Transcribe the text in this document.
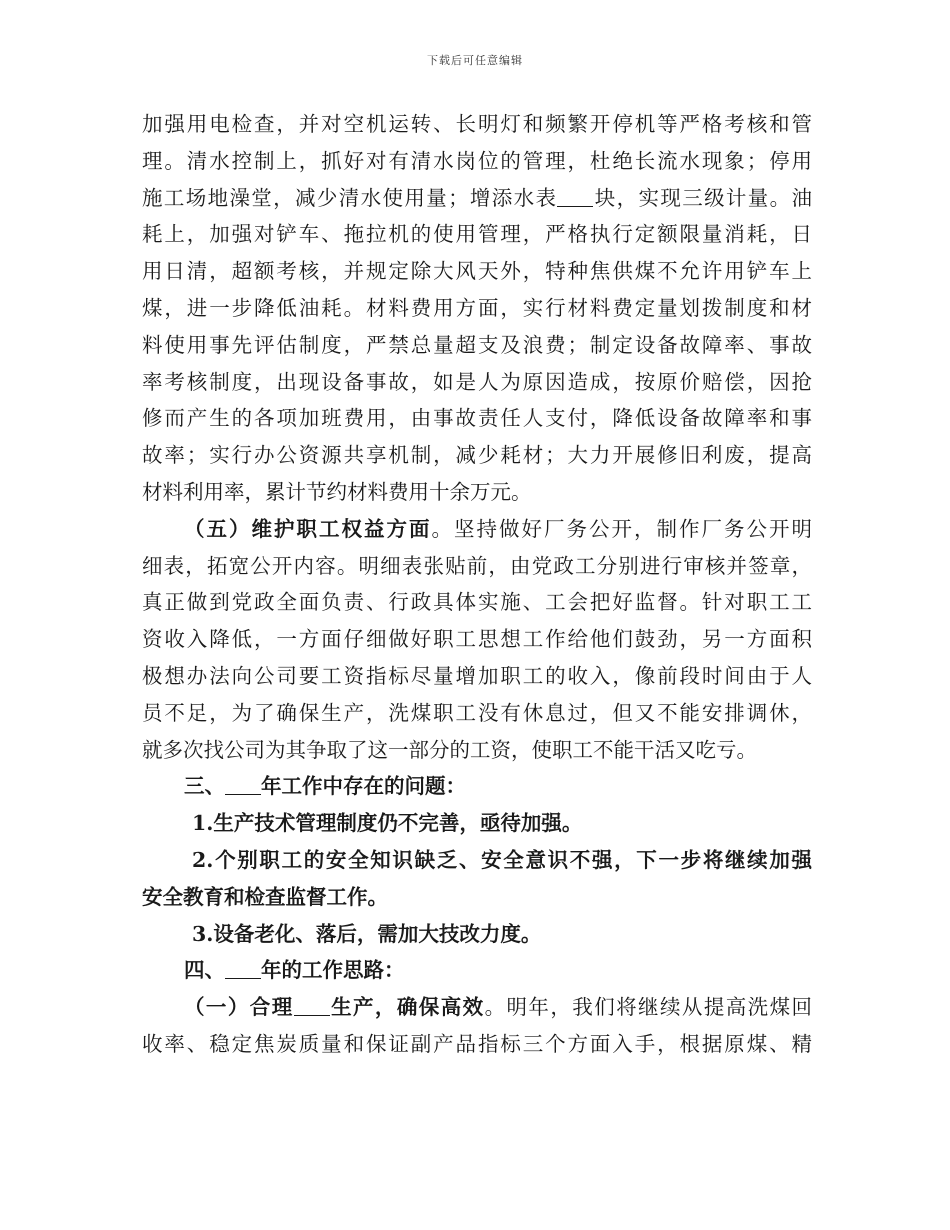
下载后可任意编辑
加强用电检查，并对空机运转、长明灯和频繁开停机等严格考核和管
理。清水控制上，抓好对有清水岗位的管理，杜绝长流水现象；停用
施工场地澡堂，减少清水使用量；增添水表 块，实现三级计量。油
耗上，加强对铲车、拖拉机的使用管理，严格执行定额限量消耗，日
用日清，超额考核，并规定除大风天外，特种焦供煤不允许用铲车上
煤，进一步降低油耗。材料费用方面，实行材料费定量划拨制度和材
料使用事先评估制度，严禁总量超支及浪费；制定设备故障率、事故
率考核制度，出现设备事故，如是人为原因造成，按原价赔偿，因抢
修而产生的各项加班费用，由事故责任人支付，降低设备故障率和事
故率；实行办公资源共享机制，减少耗材；大力开展修旧利废，提高
材料利用率，累计节约材料费用十余万元。
（五）维护职工权益方面。坚持做好厂务公开，制作厂务公开明
细表，拓宽公开内容。明细表张贴前，由党政工分别进行审核并签章，
真正做到党政全面负责、行政具体实施、工会把好监督。针对职工工
资收入降低，一方面仔细做好职工思想工作给他们鼓劲，另一方面积
极想办法向公司要工资指标尽量增加职工的收入，像前段时间由于人
员不足，为了确保生产，洗煤职工没有休息过，但又不能安排调休，
就多次找公司为其争取了这一部分的工资，使职工不能干活又吃亏。
三、 年工作中存在的问题：
1.生产技术管理制度仍不完善，亟待加强。
2.个别职工的安全知识缺乏、安全意识不强，下一步将继续加强
安全教育和检查监督工作。
3.设备老化、落后，需加大技改力度。
四、 年的工作思路：
（一）合理 生产，确保高效。明年，我们将继续从提高洗煤回
收率、稳定焦炭质量和保证副产品指标三个方面入手，根据原煤、精
